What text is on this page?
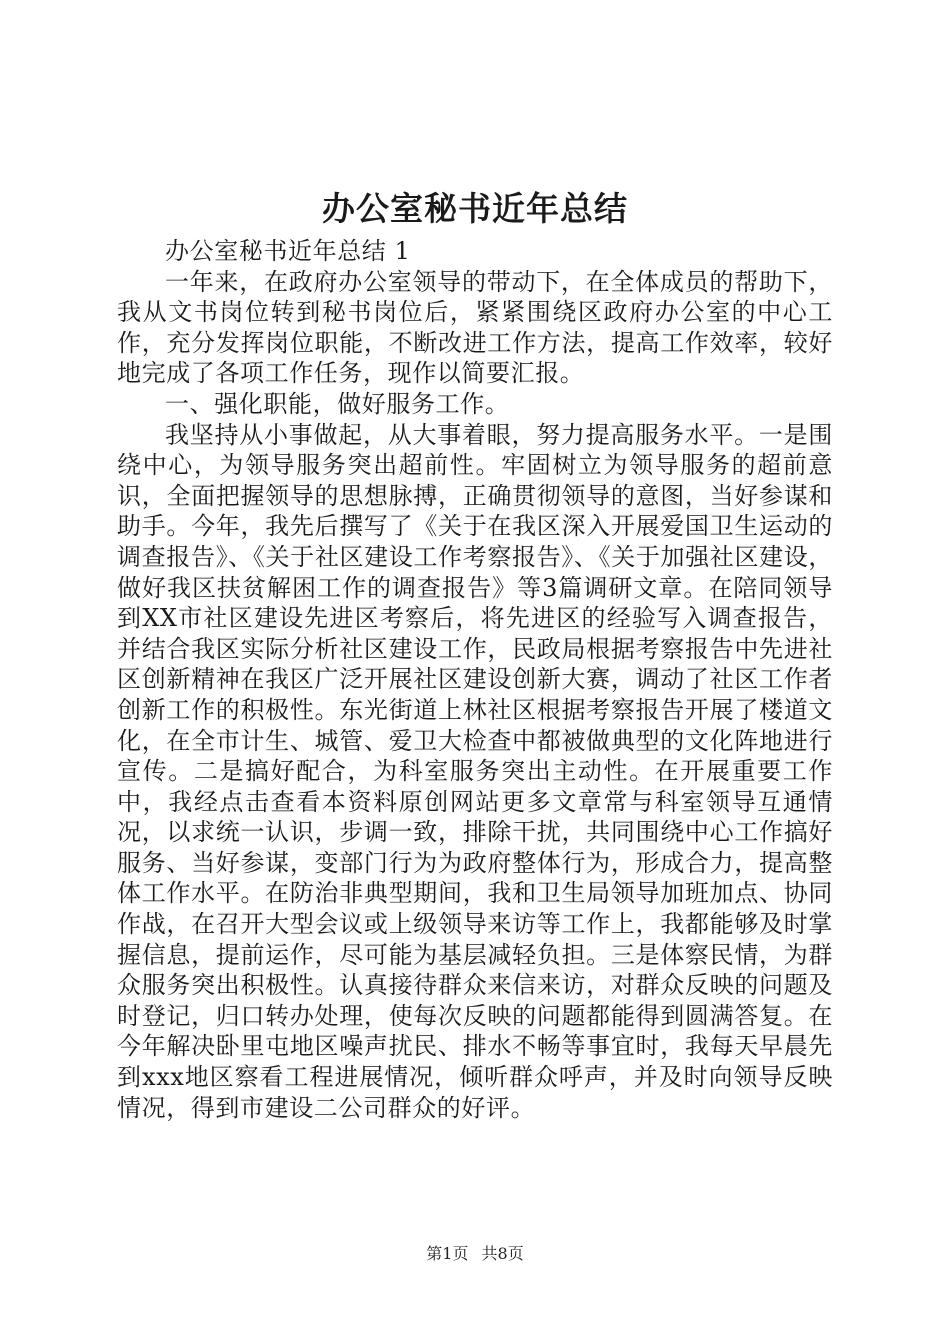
办公室秘书近年总结

办公室秘书近年总结 1

一年来，在政府办公室领导的带动下，在全体成员的帮助下，我从文书岗位转到秘书岗位后，紧紧围绕区政府办公室的中心工作，充分发挥岗位职能，不断改进工作方法，提高工作效率，较好地完成了各项工作任务，现作以简要汇报。

一、强化职能，做好服务工作。

我坚持从小事做起，从大事着眼，努力提高服务水平。一是围绕中心，为领导服务突出超前性。牢固树立为领导服务的超前意识，全面把握领导的思想脉搏，正确贯彻领导的意图，当好参谋和助手。今年，我先后撰写了《关于在我区深入开展爱国卫生运动的调查报告》、《关于社区建设工作考察报告》、《关于加强社区建设，做好我区扶贫解困工作的调查报告》等3篇调研文章。在陪同领导到XX市社区建设先进区考察后，将先进区的经验写入调查报告，并结合我区实际分析社区建设工作，民政局根据考察报告中先进社区创新精神在我区广泛开展社区建设创新大赛，调动了社区工作者创新工作的积极性。东光街道上林社区根据考察报告开展了楼道文化，在全市计生、城管、爱卫大检查中都被做典型的文化阵地进行宣传。二是搞好配合，为科室服务突出主动性。在开展重要工作中，我经点击查看本资料原创网站更多文章常与科室领导互通情况，以求统一认识，步调一致，排除干扰，共同围绕中心工作搞好服务、当好参谋，变部门行为为政府整体行为，形成合力，提高整体工作水平。在防治非典型期间，我和卫生局领导加班加点、协同作战，在召开大型会议或上级领导来访等工作上，我都能够及时掌握信息，提前运作，尽可能为基层减轻负担。三是体察民情，为群众服务突出积极性。认真接待群众来信来访，对群众反映的问题及时登记，归口转办处理，使每次反映的问题都能得到圆满答复。在今年解决卧里屯地区噪声扰民、排水不畅等事宜时，我每天早晨先到xxx地区察看工程进展情况，倾听群众呼声，并及时向领导反映情况，得到市建设二公司群众的好评。

第1页 共8页
